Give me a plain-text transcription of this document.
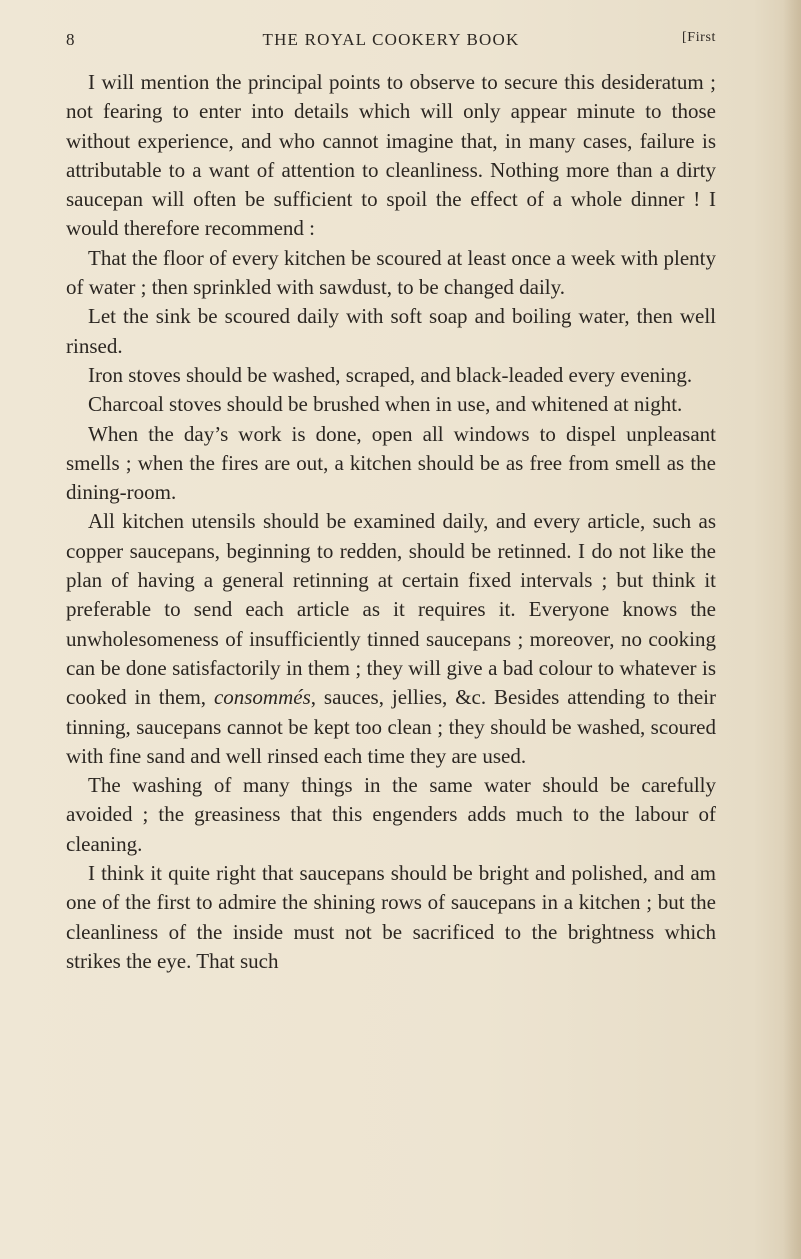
8	THE ROYAL COOKERY BOOK	[First

I will mention the principal points to observe to secure this desideratum ; not fearing to enter into details which will only appear minute to those without experience, and who cannot imagine that, in many cases, failure is attributable to a want of attention to cleanliness. Nothing more than a dirty saucepan will often be sufficient to spoil the effect of a whole dinner ! I would therefore recommend :

That the floor of every kitchen be scoured at least once a week with plenty of water ; then sprinkled with sawdust, to be changed daily.

Let the sink be scoured daily with soft soap and boiling water, then well rinsed.

Iron stoves should be washed, scraped, and black-leaded every evening.

Charcoal stoves should be brushed when in use, and whitened at night.

When the day’s work is done, open all windows to dispel unpleasant smells ; when the fires are out, a kitchen should be as free from smell as the dining-room.

All kitchen utensils should be examined daily, and every article, such as copper saucepans, beginning to redden, should be retinned. I do not like the plan of having a general retinning at certain fixed intervals ; but think it preferable to send each article as it requires it. Everyone knows the unwholesomeness of insufficiently tinned saucepans ; moreover, no cooking can be done satisfactorily in them ; they will give a bad colour to whatever is cooked in them, consommés, sauces, jellies, &c. Besides attending to their tinning, saucepans cannot be kept too clean ; they should be washed, scoured with fine sand and well rinsed each time they are used.

The washing of many things in the same water should be carefully avoided ; the greasiness that this engenders adds much to the labour of cleaning.

I think it quite right that saucepans should be bright and polished, and am one of the first to admire the shining rows of saucepans in a kitchen ; but the cleanliness of the inside must not be sacrificed to the brightness which strikes the eye. That such
